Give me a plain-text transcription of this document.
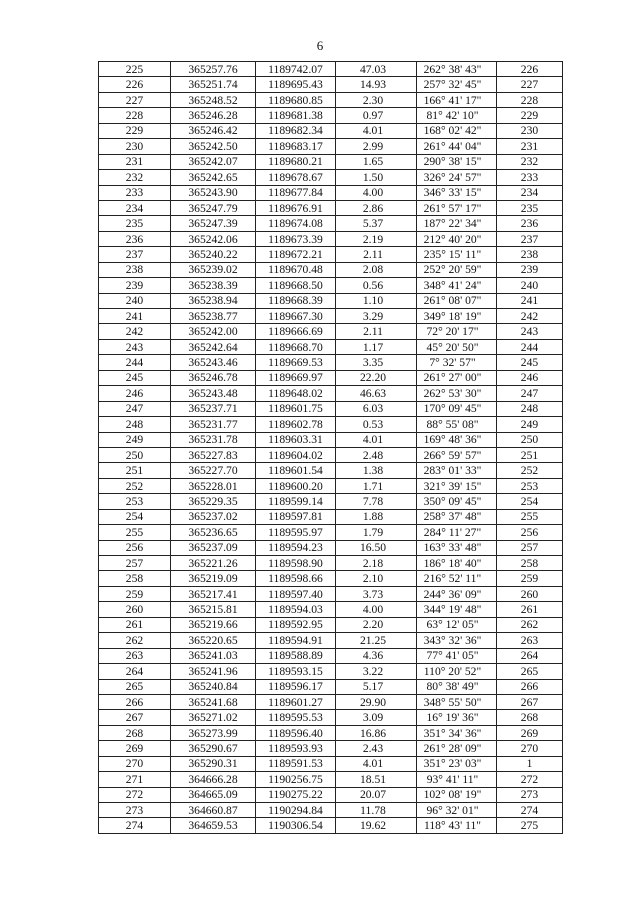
6
225	365257.76	1189742.07	47.03	262° 38' 43"	226
226	365251.74	1189695.43	14.93	257° 32' 45"	227
227	365248.52	1189680.85	2.30	166° 41' 17"	228
228	365246.28	1189681.38	0.97	81° 42' 10"	229
229	365246.42	1189682.34	4.01	168° 02' 42"	230
230	365242.50	1189683.17	2.99	261° 44' 04"	231
231	365242.07	1189680.21	1.65	290° 38' 15"	232
232	365242.65	1189678.67	1.50	326° 24' 57"	233
233	365243.90	1189677.84	4.00	346° 33' 15"	234
234	365247.79	1189676.91	2.86	261° 57' 17"	235
235	365247.39	1189674.08	5.37	187° 22' 34"	236
236	365242.06	1189673.39	2.19	212° 40' 20"	237
237	365240.22	1189672.21	2.11	235° 15' 11"	238
238	365239.02	1189670.48	2.08	252° 20' 59"	239
239	365238.39	1189668.50	0.56	348° 41' 24"	240
240	365238.94	1189668.39	1.10	261° 08' 07"	241
241	365238.77	1189667.30	3.29	349° 18' 19"	242
242	365242.00	1189666.69	2.11	72° 20' 17"	243
243	365242.64	1189668.70	1.17	45° 20' 50"	244
244	365243.46	1189669.53	3.35	7° 32' 57"	245
245	365246.78	1189669.97	22.20	261° 27' 00"	246
246	365243.48	1189648.02	46.63	262° 53' 30"	247
247	365237.71	1189601.75	6.03	170° 09' 45"	248
248	365231.77	1189602.78	0.53	88° 55' 08"	249
249	365231.78	1189603.31	4.01	169° 48' 36"	250
250	365227.83	1189604.02	2.48	266° 59' 57"	251
251	365227.70	1189601.54	1.38	283° 01' 33"	252
252	365228.01	1189600.20	1.71	321° 39' 15"	253
253	365229.35	1189599.14	7.78	350° 09' 45"	254
254	365237.02	1189597.81	1.88	258° 37' 48"	255
255	365236.65	1189595.97	1.79	284° 11' 27"	256
256	365237.09	1189594.23	16.50	163° 33' 48"	257
257	365221.26	1189598.90	2.18	186° 18' 40"	258
258	365219.09	1189598.66	2.10	216° 52' 11"	259
259	365217.41	1189597.40	3.73	244° 36' 09"	260
260	365215.81	1189594.03	4.00	344° 19' 48"	261
261	365219.66	1189592.95	2.20	63° 12' 05"	262
262	365220.65	1189594.91	21.25	343° 32' 36"	263
263	365241.03	1189588.89	4.36	77° 41' 05"	264
264	365241.96	1189593.15	3.22	110° 20' 52"	265
265	365240.84	1189596.17	5.17	80° 38' 49"	266
266	365241.68	1189601.27	29.90	348° 55' 50"	267
267	365271.02	1189595.53	3.09	16° 19' 36"	268
268	365273.99	1189596.40	16.86	351° 34' 36"	269
269	365290.67	1189593.93	2.43	261° 28' 09"	270
270	365290.31	1189591.53	4.01	351° 23' 03"	1
271	364666.28	1190256.75	18.51	93° 41' 11"	272
272	364665.09	1190275.22	20.07	102° 08' 19"	273
273	364660.87	1190294.84	11.78	96° 32' 01"	274
274	364659.53	1190306.54	19.62	118° 43' 11"	275
